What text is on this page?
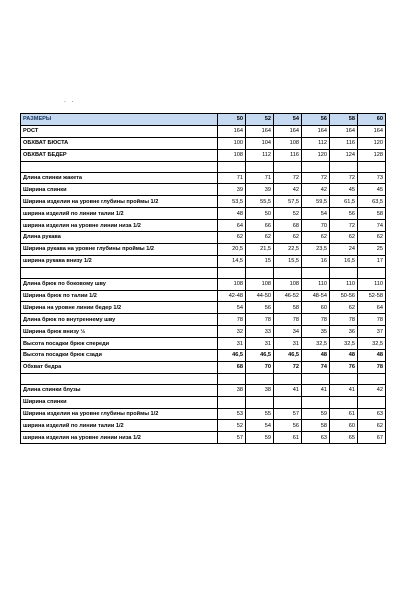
· ·
РАЗМЕРЫ	50	52	54	56	58	60
РОСТ	164	164	164	164	164	164
ОБХВАТ БЮСТА	100	104	108	112	116	120
ОБХВАТ БЕДЕР	108	112	116	120	124	128

Длина спинки жакета	71	71	72	72	72	73
Ширина спинки	39	39	42	42	45	45
Ширина изделия на уровне глубины проймы 1/2	53,5	55,5	57,5	59,5	61,5	63,5
ширина изделий по линии талии 1/2	48	50	52	54	56	58
ширина изделия на уровне линии низа 1/2	64	66	68	70	72	74
Длина рукава	62	62	62	62	62	62
Ширина рукава на уровне глубины проймы 1/2	20,5	21,5	22,5	23,5	24	25
ширина рукава внизу 1/2	14,5	15	15,5	16	16,5	17

Длина брюк по боковому шву	108	108	108	110	110	110
Ширина брюк по талии 1/2	42-48	44-50	46-52	48-54	50-56	52-58
Ширина на уровне линии бедер 1/2	54	56	58	60	62	64
Длина брюк по внутреннему шву	78	78	78	78	78	78
Ширина брюк внизу ½	32	33	34	35	36	37
Высота посадки брюк спереди	31	31	31	32,5	32,5	32,5
Высота посадки брюк сзади	46,5	46,5	46,5	48	48	48
Обхват бедра	68	70	72	74	76	78

Длина спинки блузы	38	38	41	41	41	42
Ширина спинки						
Ширина изделия на уровне глубины проймы 1/2	53	55	57	59	61	63
ширина изделий по линии талии 1/2	52	54	56	58	60	62
ширина изделия на уровне линии низа 1/2	57	59	61	63	65	67
